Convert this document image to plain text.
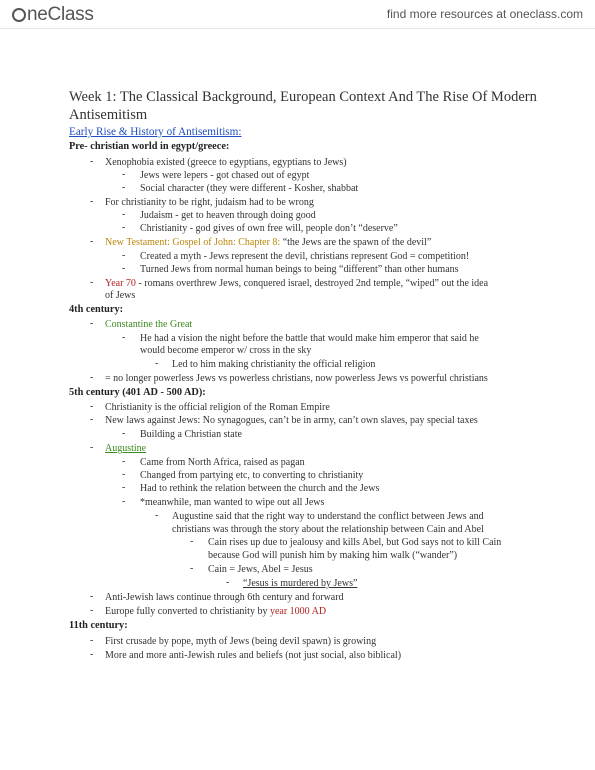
neClass	find more resources at oneclass.com
Week 1: The Classical Background, European Context And The Rise Of Modern Antisemitism
Early Rise & History of Antisemitism:
Pre- christian world in egypt/greece:
- Xenophobia existed (greece to egyptians, egyptians to Jews)
- Jews were lepers - got chased out of egypt
- Social character (they were different - Kosher, shabbat
- For christianity to be right, judaism had to be wrong
- Judaism - get to heaven through doing good
- Christianity - god gives of own free will, people don’t “deserve”
- New Testament: Gospel of John: Chapter 8: “the Jews are the spawn of the devil”
- Created a myth - Jews represent the devil, christians represent God = competition!
- Turned Jews from normal human beings to being “different” than other humans
- Year 70 - romans overthrew Jews, conquered israel, destroyed 2nd temple, “wiped” out the idea
of Jews
4th century:
- Constantine the Great
- He had a vision the night before the battle that would make him emperor that said he
would become emperor w/ cross in the sky
- Led to him making christianity the official religion
- = no longer powerless Jews vs powerless christians, now powerless Jews vs powerful christians
5th century (401 AD - 500 AD):
- Christianity is the official religion of the Roman Empire
- New laws against Jews: No synagogues, can’t be in army, can’t own slaves, pay special taxes
- Building a Christian state
- Augustine
- Came from North Africa, raised as pagan
- Changed from partying etc, to converting to christianity
- Had to rethink the relation between the church and the Jews
- *meanwhile, man wanted to wipe out all Jews
- Augustine said that the right way to understand the conflict between Jews and
christians was through the story about the relationship between Cain and Abel
- Cain rises up due to jealousy and kills Abel, but God says not to kill Cain
because God will punish him by making him walk (“wander”)
- Cain = Jews, Abel = Jesus
- “Jesus is murdered by Jews”
- Anti-Jewish laws continue through 6th century and forward
- Europe fully converted to christianity by year 1000 AD
11th century:
- First crusade by pope, myth of Jews (being devil spawn) is growing
- More and more anti-Jewish rules and beliefs (not just social, also biblical)
